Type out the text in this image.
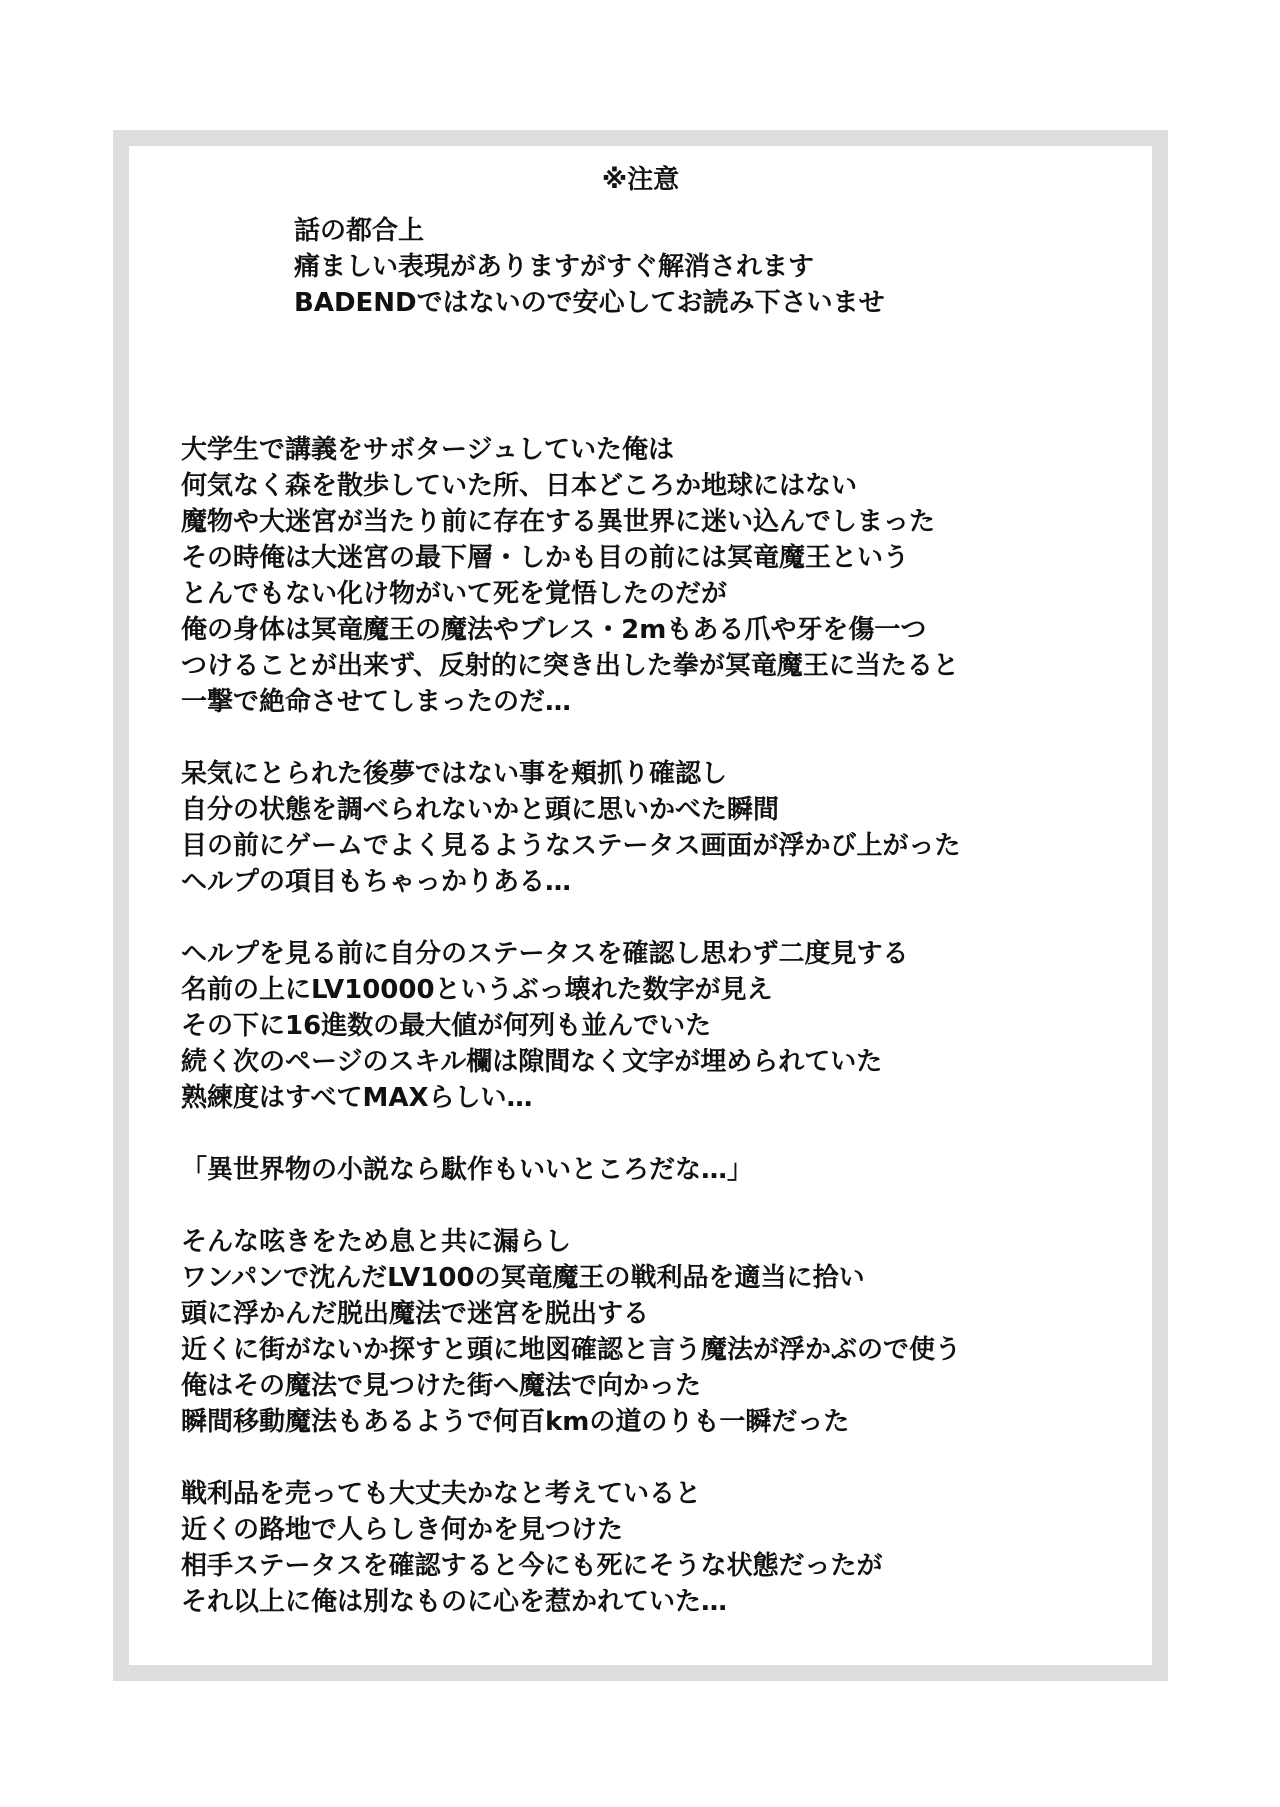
※注意
話の都合上
痛ましい表現がありますがすぐ解消されます
BADENDではないので安心してお読み下さいませ
大学生で講義をサボタージュしていた俺は
何気なく森を散歩していた所、日本どころか地球にはない
魔物や大迷宮が当たり前に存在する異世界に迷い込んでしまった
その時俺は大迷宮の最下層・しかも目の前には冥竜魔王という
とんでもない化け物がいて死を覚悟したのだが
俺の身体は冥竜魔王の魔法やブレス・2mもある爪や牙を傷一つ
つけることが出来ず、反射的に突き出した拳が冥竜魔王に当たると
一撃で絶命させてしまったのだ…
呆気にとられた後夢ではない事を頬抓り確認し
自分の状態を調べられないかと頭に思いかべた瞬間
目の前にゲームでよく見るようなステータス画面が浮かび上がった
ヘルプの項目もちゃっかりある…
ヘルプを見る前に自分のステータスを確認し思わず二度見する
名前の上にLV10000というぶっ壊れた数字が見え
その下に16進数の最大値が何列も並んでいた
続く次のページのスキル欄は隙間なく文字が埋められていた
熟練度はすべてMAXらしい…
「異世界物の小説なら駄作もいいところだな…」
そんな呟きをため息と共に漏らし
ワンパンで沈んだLV100の冥竜魔王の戦利品を適当に拾い
頭に浮かんだ脱出魔法で迷宮を脱出する
近くに街がないか探すと頭に地図確認と言う魔法が浮かぶので使う
俺はその魔法で見つけた街へ魔法で向かった
瞬間移動魔法もあるようで何百kmの道のりも一瞬だった
戦利品を売っても大丈夫かなと考えていると
近くの路地で人らしき何かを見つけた
相手ステータスを確認すると今にも死にそうな状態だったが
それ以上に俺は別なものに心を惹かれていた…
